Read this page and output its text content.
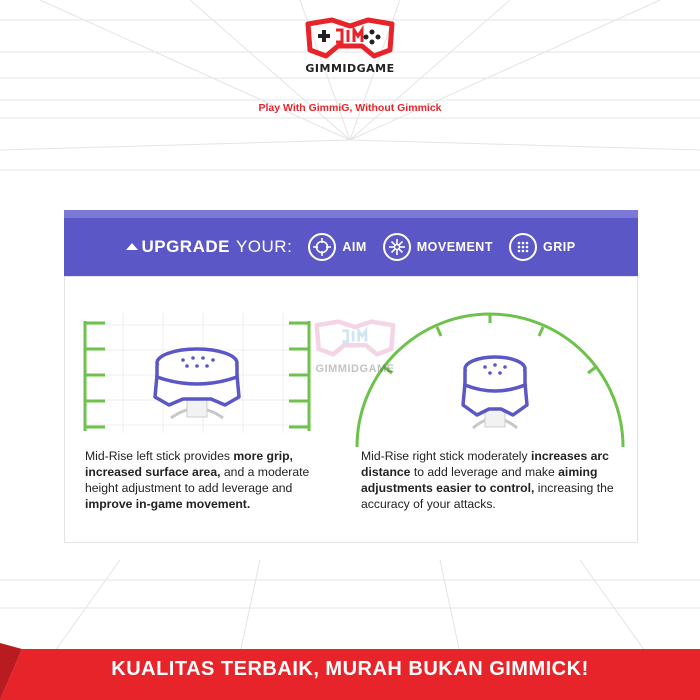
GIMMIDGAME
Play With GimmiG, Without Gimmick
UPGRADE YOUR:	AIM	MOVEMENT	GRIP
Mid-Rise left stick provides more grip, increased surface area, and a moderate height adjustment to add leverage and improve in-game movement.
Mid-Rise right stick moderately increases arc distance to add leverage and make aiming adjustments easier to control, increasing the accuracy of your attacks.
GIMMIDGAME
KUALITAS TERBAIK, MURAH BUKAN GIMMICK!
